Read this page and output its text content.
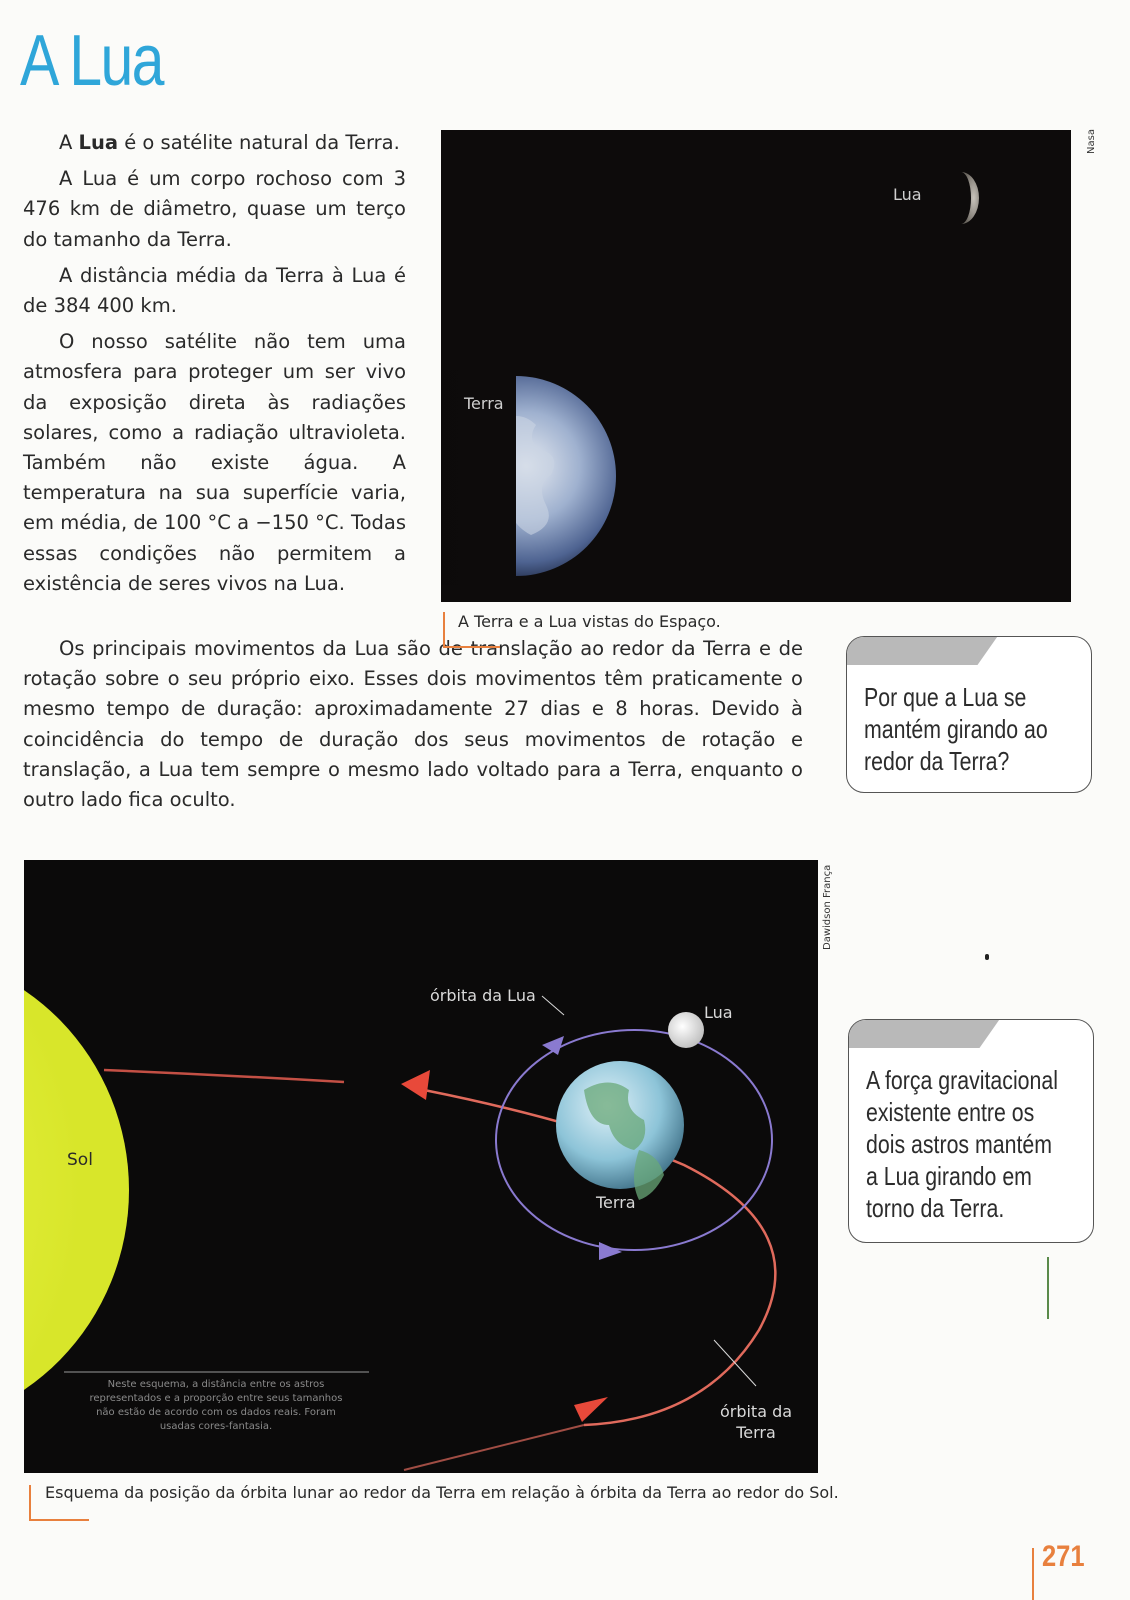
A Lua

A Lua é o satélite natural da Terra.

A Lua é um corpo rochoso com 3 476 km de diâmetro, quase um terço do tamanho da Terra.

A distância média da Terra à Lua é de 384 400 km.

O nosso satélite não tem uma atmosfera para proteger um ser vivo da exposição direta às radiações solares, como a radiação ultravioleta. Também não existe água. A temperatura na sua superfície varia, em média, de 100 °C a −150 °C. Todas essas condições não permitem a existência de seres vivos na Lua.

Os principais movimentos da Lua são de translação ao redor da Terra e de rotação sobre o seu próprio eixo. Esses dois movimentos têm praticamente o mesmo tempo de duração: aproximadamente 27 dias e 8 horas. Devido à coincidência do tempo de duração dos seus movimentos de rotação e translação, a Lua tem sempre o mesmo lado voltado para a Terra, enquanto o outro lado fica oculto.

Lua
Terra
Nasa
A Terra e a Lua vistas do Espaço.
Por que a Lua se
mantém girando ao
redor da Terra?
A força gravitacional
existente entre os
dois astros mantém
a Lua girando em
torno da Terra.
Sol
órbita da Lua
Lua
Terra
órbita da
Terra
Neste esquema, a distância entre os astros
representados e a proporção entre seus tamanhos
não estão de acordo com os dados reais. Foram
usadas cores-fantasia.
Dawidson França
Esquema da posição da órbita lunar ao redor da Terra em relação à órbita da Terra ao redor do Sol.
271
